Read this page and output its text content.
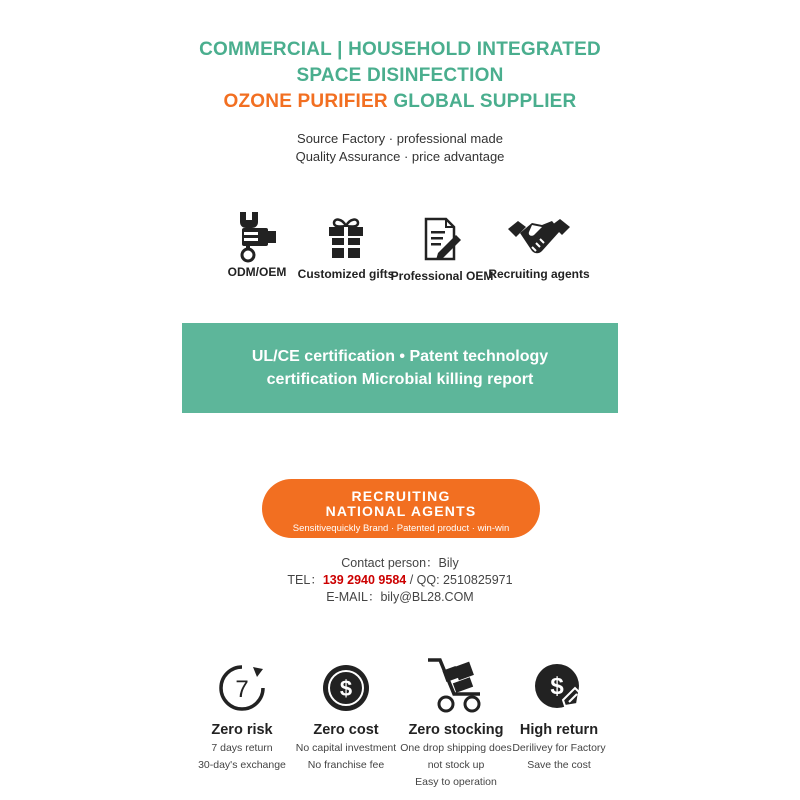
COMMERCIAL | HOUSEHOLD INTEGRATED
SPACE DISINFECTION
OZONE PURIFIER GLOBAL SUPPLIER
Source Factory · professional made
Quality Assurance · price advantage
ODM/OEM Customized gifts
Professional OEM
Recruiting agents
UL/CE certification • Patent technology
certification Microbial killing report
RECRUITING
NATIONAL AGENTS
Sensitivequickly Brand · Patented product · win-win
Contact person：Bily
TEL：139 2940 9584 / QQ: 2510825971
E-MAIL：bily@BL28.COM
7
Zero risk
7 days return
30-day's exchange
$
Zero cost
No capital investment
No franchise fee
Zero stocking
One drop shipping does
not stock up
Easy to operation
$
High return
Derilivey for Factory
Save the cost
